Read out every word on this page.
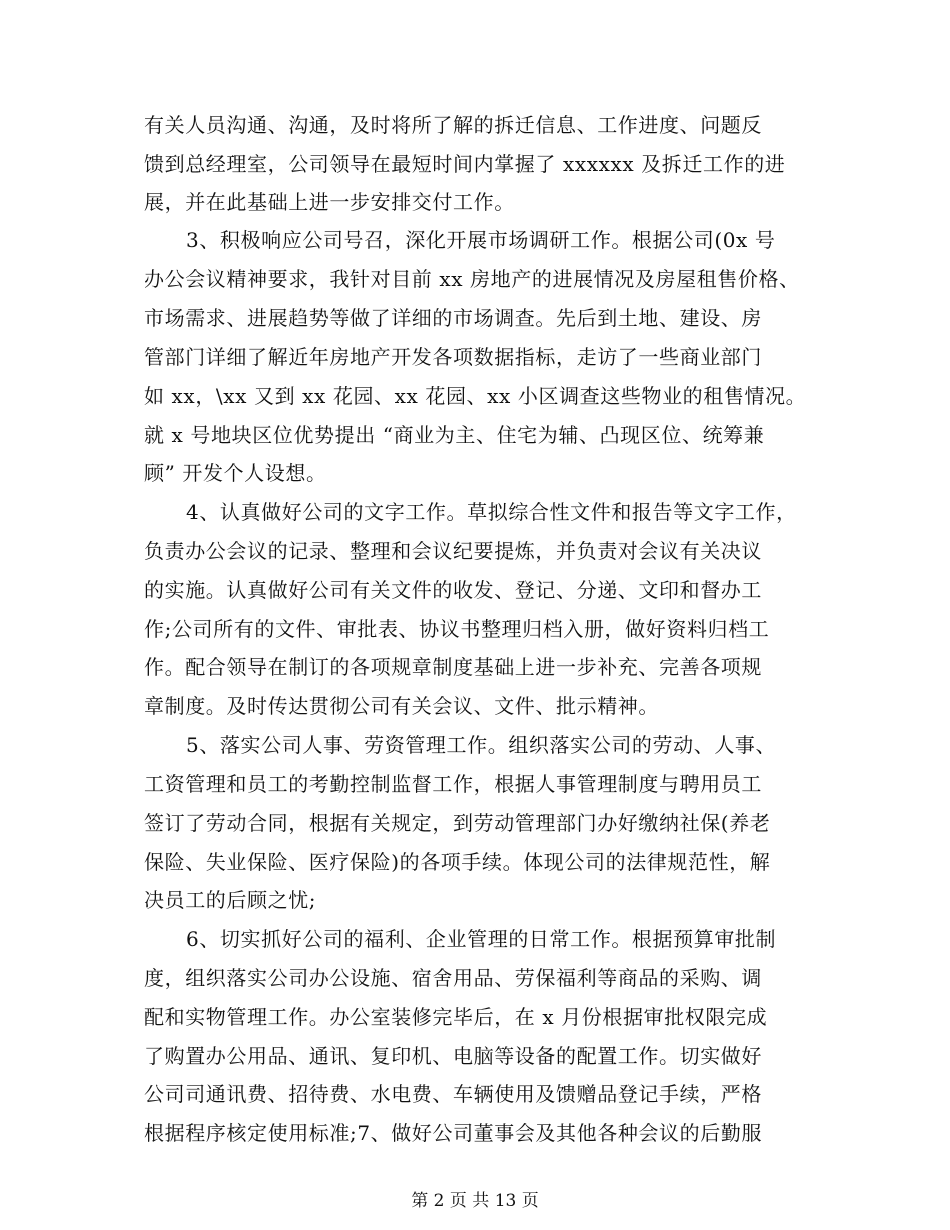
有关人员沟通、沟通，及时将所了解的拆迁信息、工作进度、问题反
馈到总经理室，公司领导在最短时间内掌握了 xxxxxx 及拆迁工作的进
展，并在此基础上进一步安排交付工作。
3、积极响应公司号召，深化开展市场调研工作。根据公司(0x 号
办公会议精神要求，我针对目前 xx 房地产的进展情况及房屋租售价格、
市场需求、进展趋势等做了详细的市场调查。先后到土地、建设、房
管部门详细了解近年房地产开发各项数据指标，走访了一些商业部门
如 xx，\xx 又到 xx 花园、xx 花园、xx 小区调查这些物业的租售情况。
就 x 号地块区位优势提出 “商业为主、住宅为辅、凸现区位、统筹兼
顾” 开发个人设想。
4、认真做好公司的文字工作。草拟综合性文件和报告等文字工作，
负责办公会议的记录、整理和会议纪要提炼，并负责对会议有关决议
的实施。认真做好公司有关文件的收发、登记、分递、文印和督办工
作;公司所有的文件、审批表、协议书整理归档入册，做好资料归档工
作。配合领导在制订的各项规章制度基础上进一步补充、完善各项规
章制度。及时传达贯彻公司有关会议、文件、批示精神。
5、落实公司人事、劳资管理工作。组织落实公司的劳动、人事、
工资管理和员工的考勤控制监督工作，根据人事管理制度与聘用员工
签订了劳动合同，根据有关规定，到劳动管理部门办好缴纳社保(养老
保险、失业保险、医疗保险)的各项手续。体现公司的法律规范性，解
决员工的后顾之忧;
6、切实抓好公司的福利、企业管理的日常工作。根据预算审批制
度，组织落实公司办公设施、宿舍用品、劳保福利等商品的采购、调
配和实物管理工作。办公室装修完毕后，在 x 月份根据审批权限完成
了购置办公用品、通讯、复印机、电脑等设备的配置工作。切实做好
公司司通讯费、招待费、水电费、车辆使用及馈赠品登记手续，严格
根据程序核定使用标准;7、做好公司董事会及其他各种会议的后勤服
第 2 页 共 13 页
